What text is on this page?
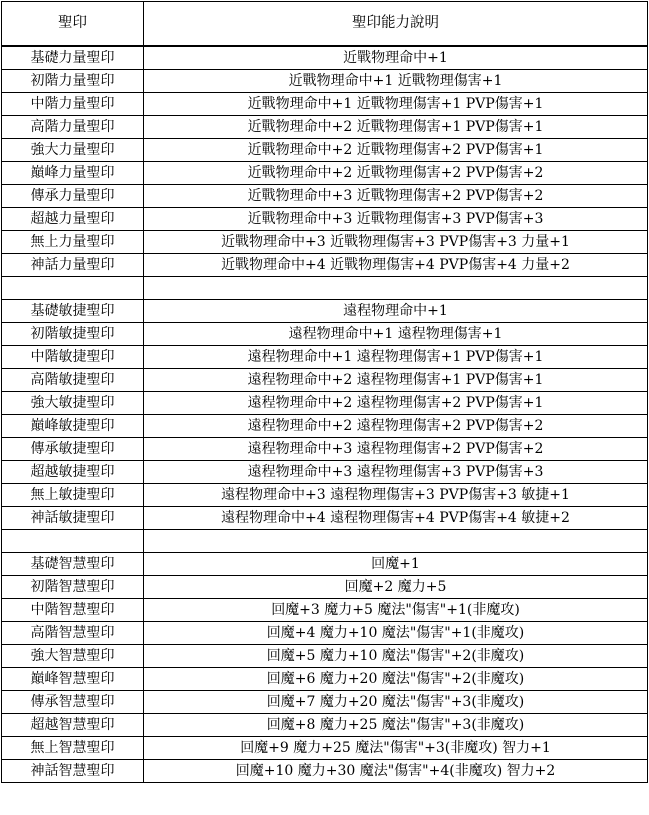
聖印	聖印能力說明
基礎力量聖印	近戰物理命中+1
初階力量聖印	近戰物理命中+1 近戰物理傷害+1
中階力量聖印	近戰物理命中+1 近戰物理傷害+1 PVP傷害+1
高階力量聖印	近戰物理命中+2 近戰物理傷害+1 PVP傷害+1
強大力量聖印	近戰物理命中+2 近戰物理傷害+2 PVP傷害+1
巔峰力量聖印	近戰物理命中+2 近戰物理傷害+2 PVP傷害+2
傳承力量聖印	近戰物理命中+3 近戰物理傷害+2 PVP傷害+2
超越力量聖印	近戰物理命中+3 近戰物理傷害+3 PVP傷害+3
無上力量聖印	近戰物理命中+3 近戰物理傷害+3 PVP傷害+3 力量+1
神話力量聖印	近戰物理命中+4 近戰物理傷害+4 PVP傷害+4 力量+2

基礎敏捷聖印	遠程物理命中+1
初階敏捷聖印	遠程物理命中+1 遠程物理傷害+1
中階敏捷聖印	遠程物理命中+1 遠程物理傷害+1 PVP傷害+1
高階敏捷聖印	遠程物理命中+2 遠程物理傷害+1 PVP傷害+1
強大敏捷聖印	遠程物理命中+2 遠程物理傷害+2 PVP傷害+1
巔峰敏捷聖印	遠程物理命中+2 遠程物理傷害+2 PVP傷害+2
傳承敏捷聖印	遠程物理命中+3 遠程物理傷害+2 PVP傷害+2
超越敏捷聖印	遠程物理命中+3 遠程物理傷害+3 PVP傷害+3
無上敏捷聖印	遠程物理命中+3 遠程物理傷害+3 PVP傷害+3 敏捷+1
神話敏捷聖印	遠程物理命中+4 遠程物理傷害+4 PVP傷害+4 敏捷+2

基礎智慧聖印	回魔+1
初階智慧聖印	回魔+2 魔力+5
中階智慧聖印	回魔+3 魔力+5 魔法"傷害"+1(非魔攻)
高階智慧聖印	回魔+4 魔力+10 魔法"傷害"+1(非魔攻)
強大智慧聖印	回魔+5 魔力+10 魔法"傷害"+2(非魔攻)
巔峰智慧聖印	回魔+6 魔力+20 魔法"傷害"+2(非魔攻)
傳承智慧聖印	回魔+7 魔力+20 魔法"傷害"+3(非魔攻)
超越智慧聖印	回魔+8 魔力+25 魔法"傷害"+3(非魔攻)
無上智慧聖印	回魔+9 魔力+25 魔法"傷害"+3(非魔攻) 智力+1
神話智慧聖印	回魔+10 魔力+30 魔法"傷害"+4(非魔攻) 智力+2
